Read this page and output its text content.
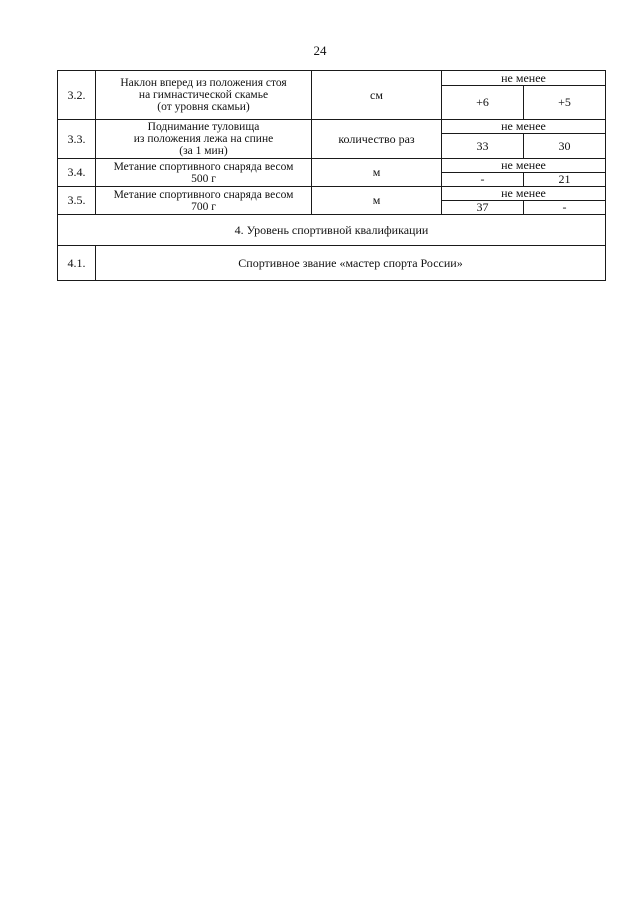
24
3.2.	Наклон вперед из положения стоя
на гимнастической скамье
(от уровня скамьи)	см	не менее	
			+6	+5
3.3.	Поднимание туловища
из положения лежа на спине
(за 1 мин)	количество раз	не менее	
			33	30
3.4.	Метание спортивного снаряда весом
500 г	м	не менее	
			-	21
3.5.	Метание спортивного снаряда весом
700 г	м	не менее	
			37	-
4. Уровень спортивной квалификации				
4.1.	Спортивное звание «мастер спорта России»			
